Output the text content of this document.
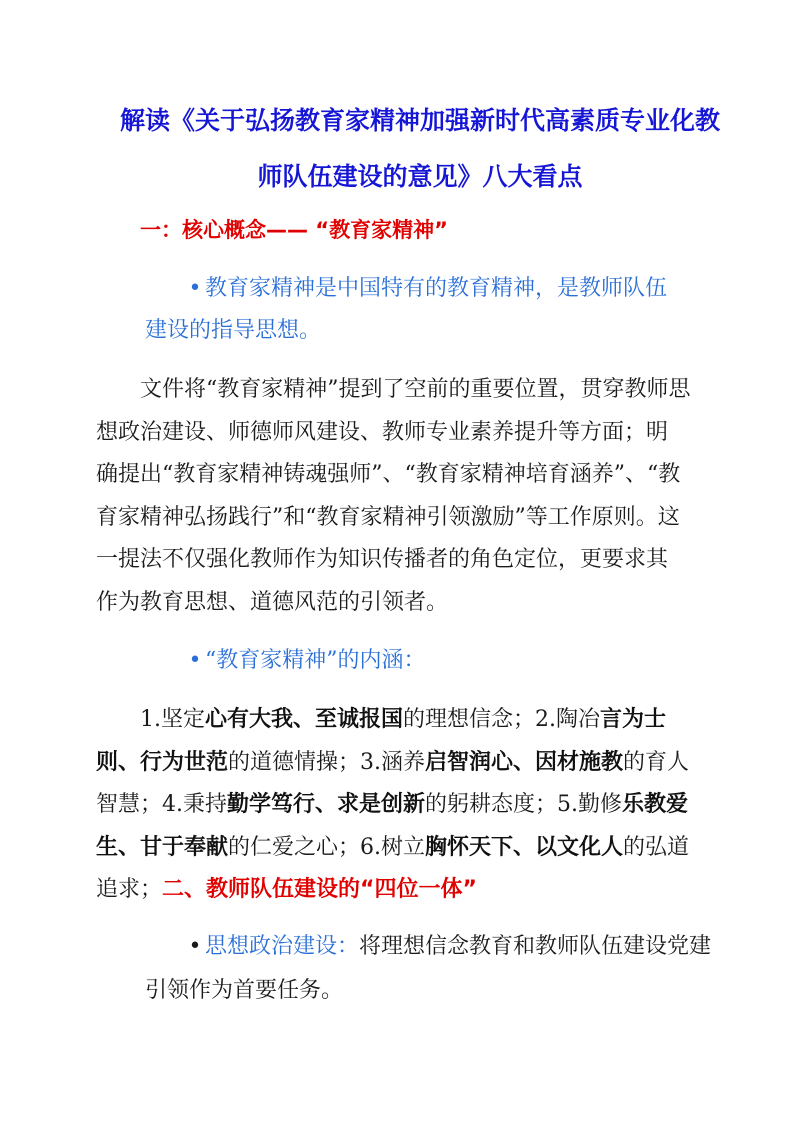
解读《关于弘扬教育家精神加强新时代高素质专业化教
师队伍建设的意见》八大看点
一：核心概念—— “教育家精神”
• 教育家精神是中国特有的教育精神，是教师队伍
建设的指导思想。
文件将“教育家精神”提到了空前的重要位置，贯穿教师思
想政治建设、师德师风建设、教师专业素养提升等方面；明
确提出“教育家精神铸魂强师”、“教育家精神培育涵养”、“教
育家精神弘扬践行”和“教育家精神引领激励”等工作原则。这
一提法不仅强化教师作为知识传播者的角色定位，更要求其
作为教育思想、道德风范的引领者。
• “教育家精神”的内涵：
1.坚定心有大我、至诚报国的理想信念；2.陶冶言为士
则、行为世范的道德情操；3.涵养启智润心、因材施教的育人
智慧；4.秉持勤学笃行、求是创新的躬耕态度；5.勤修乐教爱
生、甘于奉献的仁爱之心；6.树立胸怀天下、以文化人的弘道
追求；二、教师队伍建设的“四位一体”
• 思想政治建设：将理想信念教育和教师队伍建设党建
引领作为首要任务。
